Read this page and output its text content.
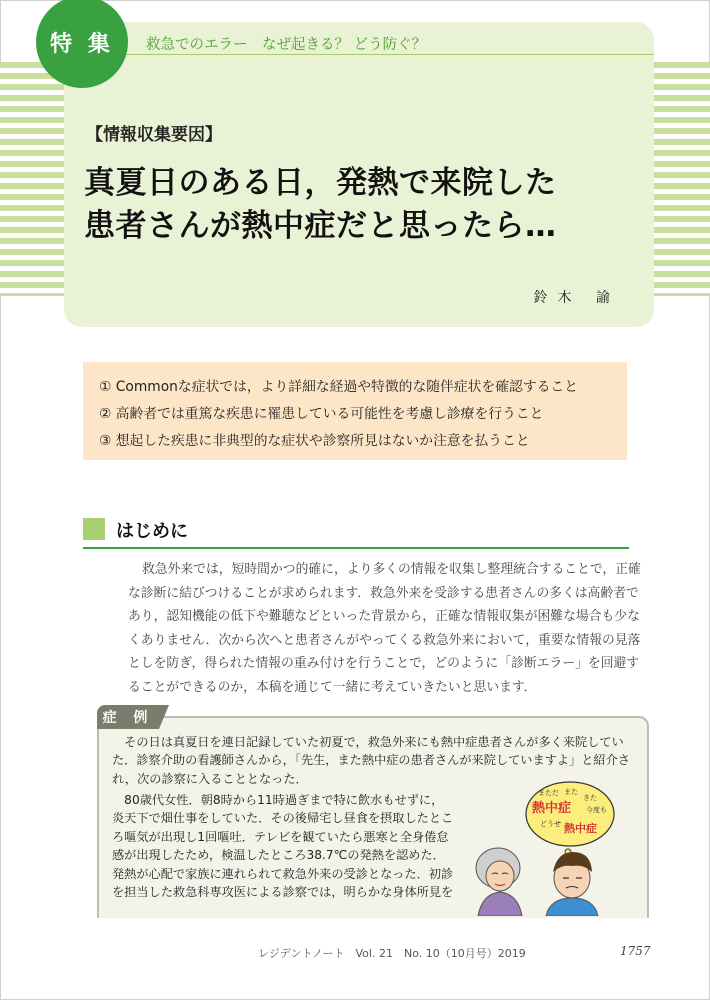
特 集 救急でのエラー　なぜ起きる？ どう防ぐ？
【情報収集要因】
真夏日のある日，発熱で来院した
患者さんが熱中症だと思ったら…
鈴木 諭
① Commonな症状では，より詳細な経過や特徴的な随伴症状を確認すること
② 高齢者では重篤な疾患に罹患している可能性を考慮し診療を行うこと
③ 想起した疾患に非典型的な症状や診察所見はないか注意を払うこと
はじめに
救急外来では，短時間かつ的確に，より多くの情報を収集し整理統合することで，正確
な診断に結びつけることが求められます．救急外来を受診する患者さんの多くは高齢者で
あり，認知機能の低下や難聴などといった背景から，正確な情報収集が困難な場合も少な
くありません．次から次へと患者さんがやってくる救急外来において，重要な情報の見落
としを防ぎ，得られた情報の重み付けを行うことで，どのように「診断エラー」を回避す
ることができるのか，本稿を通じて一緒に考えていきたいと思います．
症 例
　その日は真夏日を連日記録していた初夏で，救急外来にも熱中症患者さんが多く来院してい
た．診察介助の看護師さんから，「先生，また熱中症の患者さんが来院していますよ」と紹介さ
れ，次の診察に入ることとなった．
　80歳代女性．朝8時から11時過ぎまで特に飲水もせずに，
炎天下で畑仕事をしていた．その後帰宅し昼食を摂取したとこ
ろ嘔気が出現し1回嘔吐．テレビを観ていたら悪寒と全身倦怠
感が出現したため，検温したところ38.7℃の発熱を認めた．
発熱が心配で家族に連れられて救急外来の受診となった．初診
を担当した救急科専攻医による診察では，明らかな身体所見を
まただ また
きた
熱中症 今度も
どうせ 熱中症
レジデントノート　Vol. 21　No. 10（10月号）2019	1757
